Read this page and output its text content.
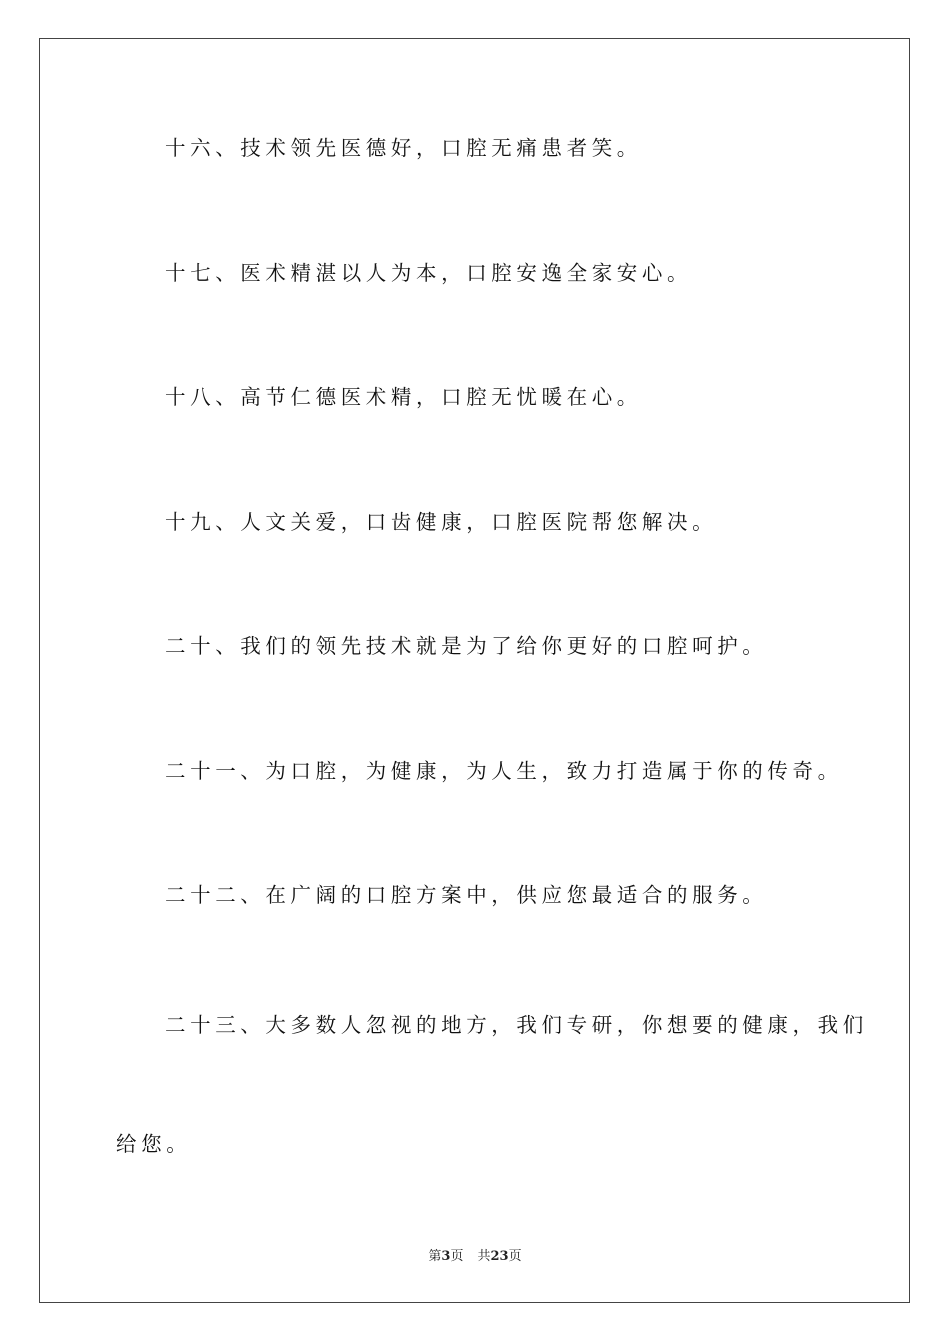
十六、技术领先医德好，口腔无痛患者笑。
十七、医术精湛以人为本，口腔安逸全家安心。
十八、高节仁德医术精，口腔无忧暖在心。
十九、人文关爱，口齿健康，口腔医院帮您解决。
二十、我们的领先技术就是为了给你更好的口腔呵护。
二十一、为口腔，为健康，为人生，致力打造属于你的传奇。
二十二、在广阔的口腔方案中，供应您最适合的服务。
二十三、大多数人忽视的地方，我们专研，你想要的健康，我们
给您。
第3页 共23页
